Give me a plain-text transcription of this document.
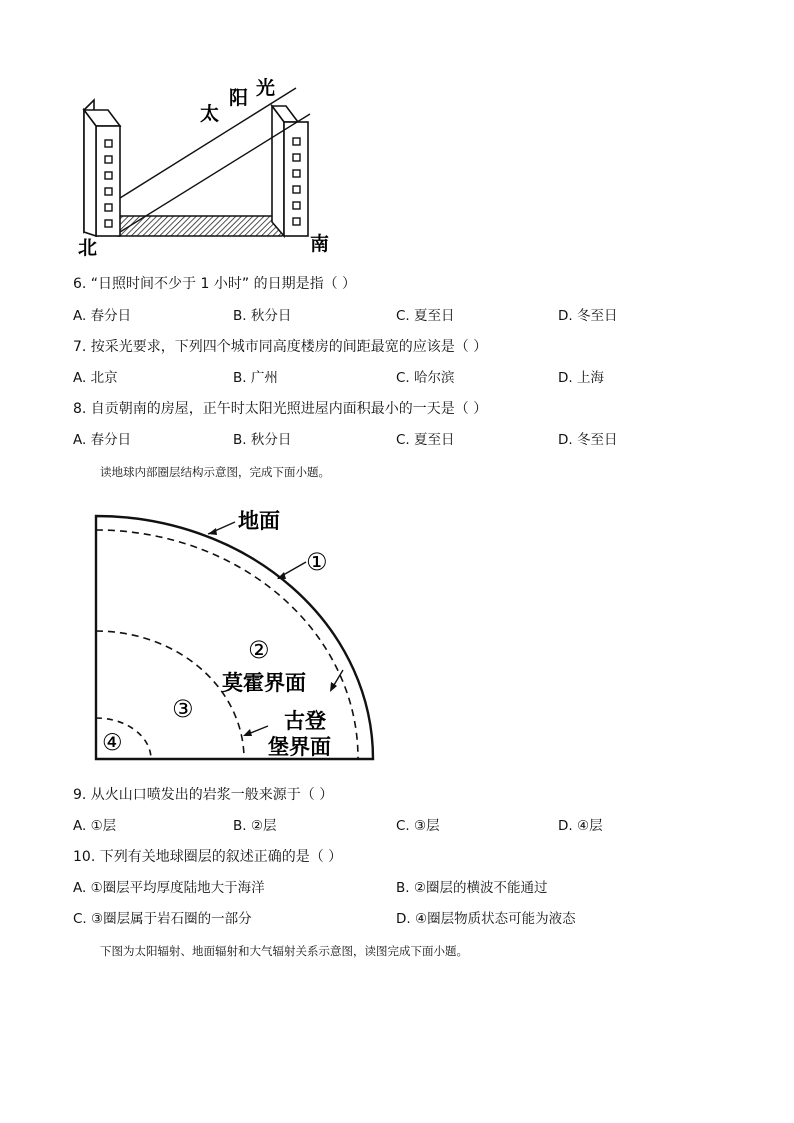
太
阳 光
北	南
6. “日照时间不少于 1 小时” 的日期是指（ ）
A. 春分日	B. 秋分日	C. 夏至日	D. 冬至日
7. 按采光要求，下列四个城市同高度楼房的间距最宽的应该是（ ）
A. 北京	B. 广州	C. 哈尔滨	D. 上海
8. 自贡朝南的房屋，正午时太阳光照进屋内面积最小的一天是（ ）
A. 春分日	B. 秋分日	C. 夏至日	D. 冬至日
读地球内部圈层结构示意图，完成下面小题。
地面
①
②
莫霍界面
③	古登
堡界面
④
9. 从火山口喷发出的岩浆一般来源于（ ）
A. ①层	B. ②层	C. ③层	D. ④层
10. 下列有关地球圈层的叙述正确的是（ ）
A. ①圈层平均厚度陆地大于海洋	B. ②圈层的横波不能通过
C. ③圈层属于岩石圈的一部分	D. ④圈层物质状态可能为液态
下图为太阳辐射、地面辐射和大气辐射关系示意图，读图完成下面小题。
